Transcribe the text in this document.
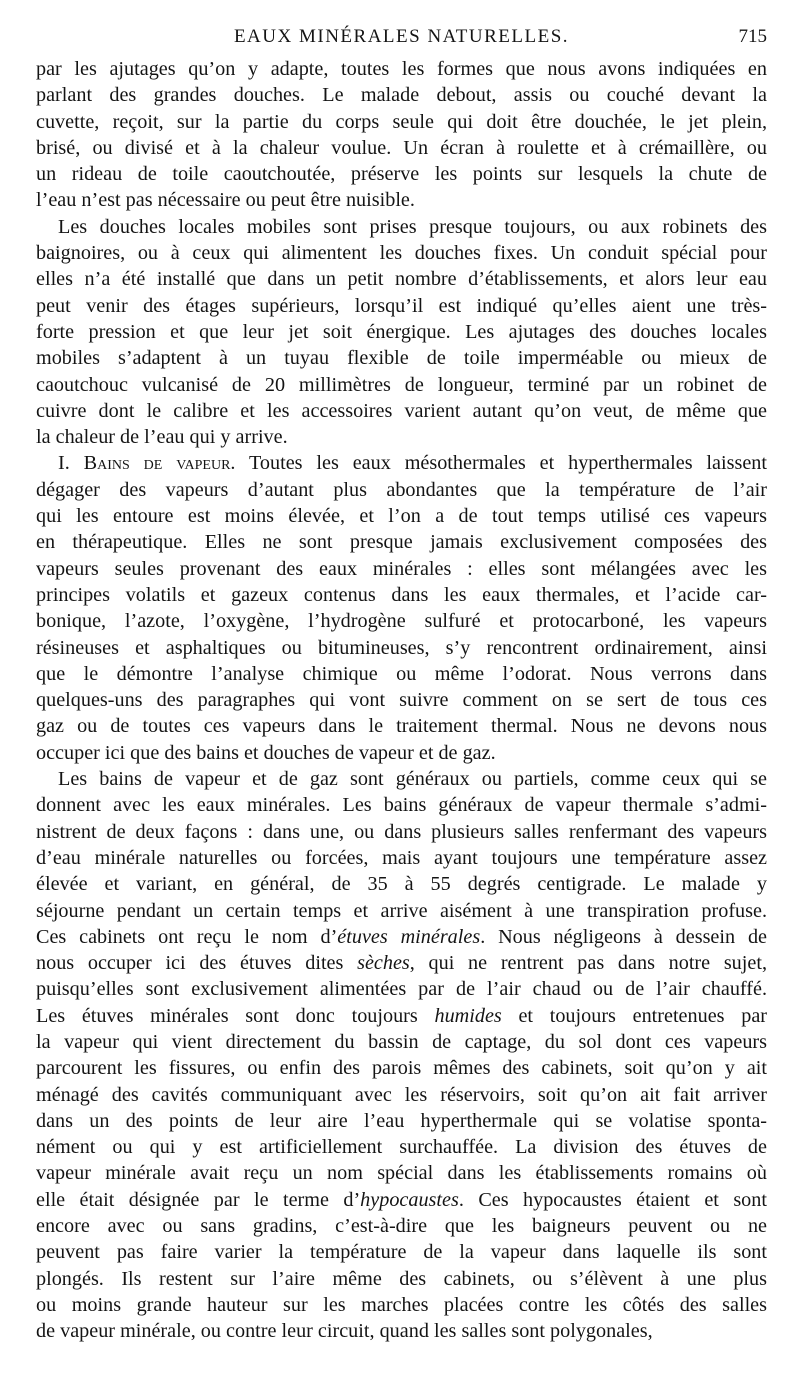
EAUX MINÉRALES NATURELLES.	715
par les ajutages qu’on y adapte, toutes les formes que nous avons indiquées en
parlant des grandes douches. Le malade debout, assis ou couché devant la
cuvette, reçoit, sur la partie du corps seule qui doit être douchée, le jet plein,
brisé, ou divisé et à la chaleur voulue. Un écran à roulette et à crémaillère, ou
un rideau de toile caoutchoutée, préserve les points sur lesquels la chute de
l’eau n’est pas nécessaire ou peut être nuisible.
Les douches locales mobiles sont prises presque toujours, ou aux robinets des
baignoires, ou à ceux qui alimentent les douches fixes. Un conduit spécial pour
elles n’a été installé que dans un petit nombre d’établissements, et alors leur eau
peut venir des étages supérieurs, lorsqu’il est indiqué qu’elles aient une très-
forte pression et que leur jet soit énergique. Les ajutages des douches locales
mobiles s’adaptent à un tuyau flexible de toile imperméable ou mieux de
caoutchouc vulcanisé de 20 millimètres de longueur, terminé par un robinet de
cuivre dont le calibre et les accessoires varient autant qu’on veut, de même que
la chaleur de l’eau qui y arrive.
I. Bains de vapeur. Toutes les eaux mésothermales et hyperthermales laissent
dégager des vapeurs d’autant plus abondantes que la température de l’air
qui les entoure est moins élevée, et l’on a de tout temps utilisé ces vapeurs
en thérapeutique. Elles ne sont presque jamais exclusivement composées des
vapeurs seules provenant des eaux minérales : elles sont mélangées avec les
principes volatils et gazeux contenus dans les eaux thermales, et l’acide car-
bonique, l’azote, l’oxygène, l’hydrogène sulfuré et protocarboné, les vapeurs
résineuses et asphaltiques ou bitumineuses, s’y rencontrent ordinairement, ainsi
que le démontre l’analyse chimique ou même l’odorat. Nous verrons dans
quelques-uns des paragraphes qui vont suivre comment on se sert de tous ces
gaz ou de toutes ces vapeurs dans le traitement thermal. Nous ne devons nous
occuper ici que des bains et douches de vapeur et de gaz.
Les bains de vapeur et de gaz sont généraux ou partiels, comme ceux qui se
donnent avec les eaux minérales. Les bains généraux de vapeur thermale s’admi-
nistrent de deux façons : dans une, ou dans plusieurs salles renfermant des vapeurs
d’eau minérale naturelles ou forcées, mais ayant toujours une température assez
élevée et variant, en général, de 35 à 55 degrés centigrade. Le malade y
séjourne pendant un certain temps et arrive aisément à une transpiration profuse.
Ces cabinets ont reçu le nom d’étuves minérales. Nous négligeons à dessein de
nous occuper ici des étuves dites sèches, qui ne rentrent pas dans notre sujet,
puisqu’elles sont exclusivement alimentées par de l’air chaud ou de l’air chauffé.
Les étuves minérales sont donc toujours humides et toujours entretenues par
la vapeur qui vient directement du bassin de captage, du sol dont ces vapeurs
parcourent les fissures, ou enfin des parois mêmes des cabinets, soit qu’on y ait
ménagé des cavités communiquant avec les réservoirs, soit qu’on ait fait arriver
dans un des points de leur aire l’eau hyperthermale qui se volatise sponta-
nément ou qui y est artificiellement surchauffée. La division des étuves de
vapeur minérale avait reçu un nom spécial dans les établissements romains où
elle était désignée par le terme d’hypocaustes. Ces hypocaustes étaient et sont
encore avec ou sans gradins, c’est-à-dire que les baigneurs peuvent ou ne
peuvent pas faire varier la température de la vapeur dans laquelle ils sont
plongés. Ils restent sur l’aire même des cabinets, ou s’élèvent à une plus
ou moins grande hauteur sur les marches placées contre les côtés des salles
de vapeur minérale, ou contre leur circuit, quand les salles sont polygonales,
